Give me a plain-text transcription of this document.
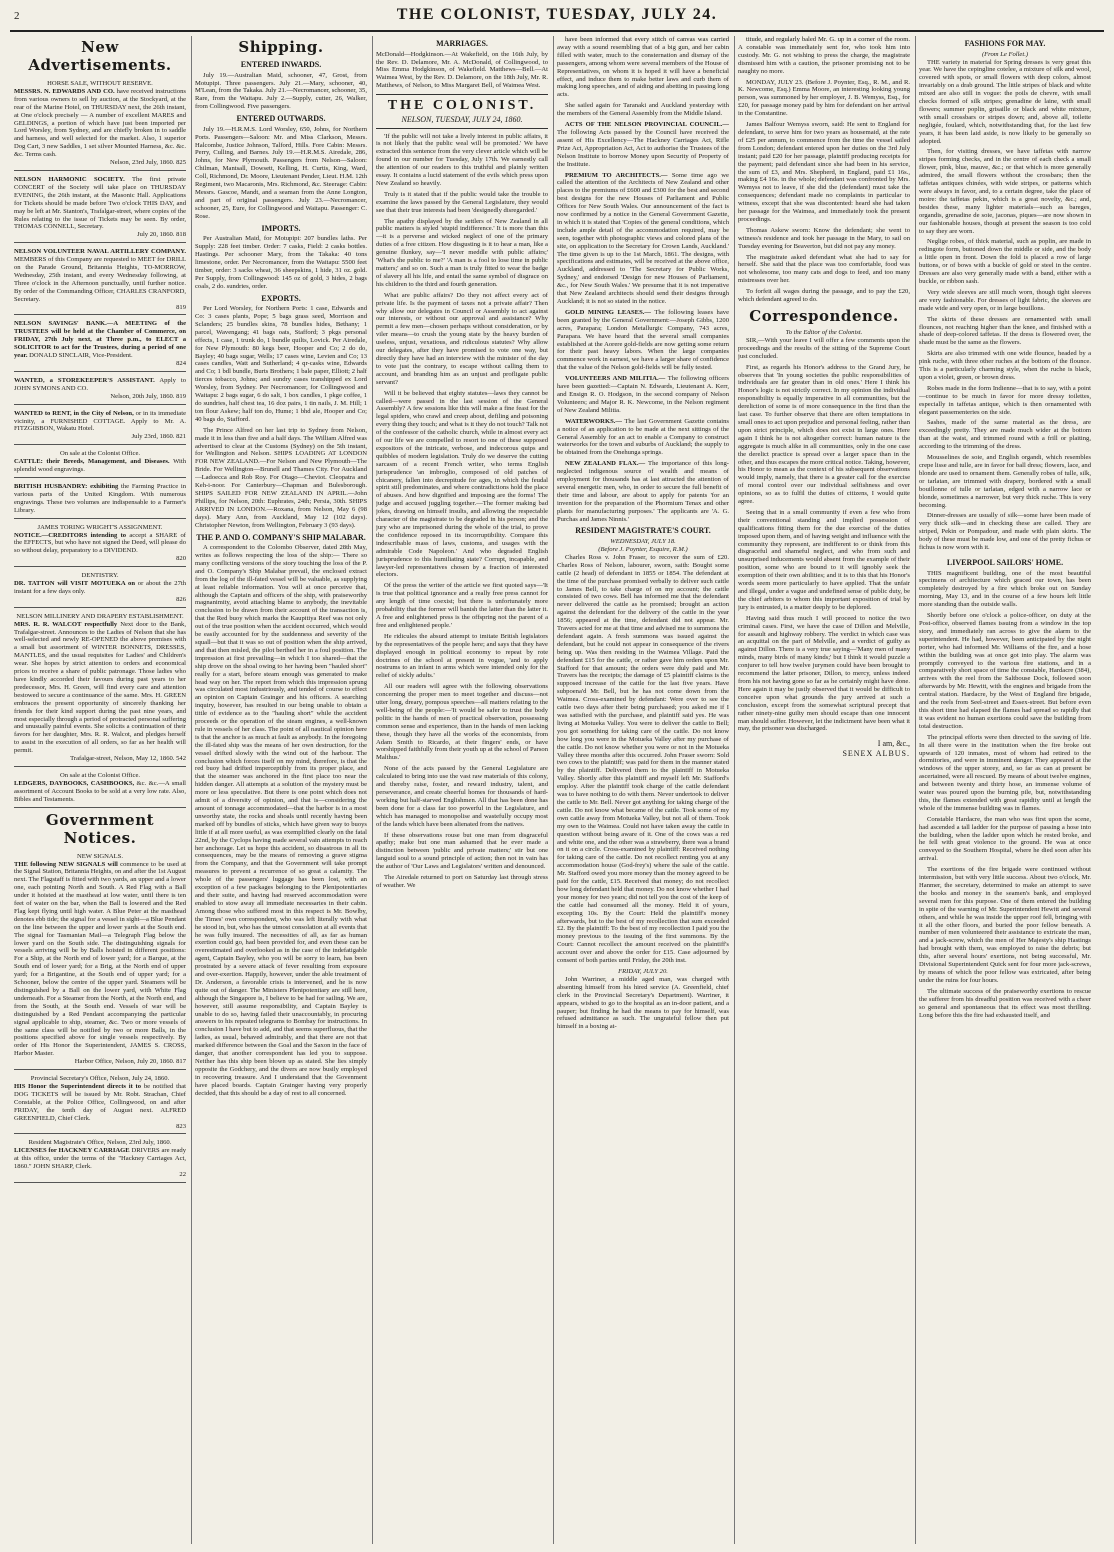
2	THE COLONIST, TUESDAY, JULY 24.
New Advertisements.
HORSE SALE, WITHOUT RESERVE.
MESSRS. N. EDWARDS AND CO. have received instructions from various owners to sell by auction, at the Stockyard, at the rear of the Marine Hotel, on THURSDAY next, the 26th instant, at One o'clock precisely — A number of excellent MARES and GELDINGS, a portion of which have just been imported per Lord Worsley, from Sydney, and are chiefly broken in to saddle and harness, and well selected for the market. Also, 1 superior Dog Cart, 3 new Saddles, 1 set silver Mounted Harness, &c. &c. &c. Terms cash.
Nelson, 23rd July, 1860. 825
NELSON HARMONIC SOCIETY. The first private CONCERT of the Society will take place on THURSDAY EVENING, the 26th instant, at the Masonic Hall. Applications for Tickets should be made before Two o'clock THIS DAY, and may be left at Mr. Stanton's, Trafalgar-street, where copies of the Rules relating to the issue of Tickets may be seen. By order, THOMAS CONNELL, Secretary.
July 20, 1860. 818
NELSON VOLUNTEER NAVAL ARTILLERY COMPANY. MEMBERS of this Company are requested to MEET for DRILL on the Parade Ground, Britannia Heights, TO-MORROW, Wednesday, 25th instant, and every Wednesday following, at Three o'clock in the Afternoon punctually, until further notice. By order of the Commanding Officer, CHARLES CRANFORD, Secretary.
819
NELSON SAVINGS' BANK.—A MEETING of the TRUSTEES will be held at the Chamber of Commerce, on FRIDAY, 27th July next, at Three p.m., to ELECT a SOLICITOR to act for the Trustees, during a period of one year. DONALD SINCLAIR, Vice-President.
824
WANTED, a STOREKEEPER'S ASSISTANT. Apply to JOHN SYMONS AND CO.
Nelson, 20th July, 1860. 819
WANTED to RENT, in the City of Nelson, or in its immediate vicinity, a FURNISHED COTTAGE. Apply to Mr. A. FITZGIBBON, Wakatu Hotel.
July 23rd, 1860. 821
On sale at the Colonist Office.
CATTLE: their Breeds, Management, and Diseases. With splendid wood engravings.
BRITISH HUSBANDRY: exhibiting the Farming Practice in various parts of the United Kingdom. With numerous engravings. These two volumes are indispensable to a Farmer's Library.
JAMES TORING WRIGHT'S ASSIGNMENT.
NOTICE.—CREDITORS intending to accept a SHARE of the EFFECTS, but who have not signed the Deed, will please do so without delay, preparatory to a DIVIDEND.
820
DENTISTRY.
DR. TATTON will VISIT MOTUEKA on or about the 27th instant for a few days only.
826
NELSON MILLINERY AND DRAPERY ESTABLISHMENT.
MRS. R. R. WALCOT respectfully Next door to the Bank, Trafalgar-street. Announces to the Ladies of Nelson that she has well-selected and newly RE-OPENED the above premises with a small but assortment of WINTER BONNETS, DRESSES, MANTLES, and the usual requisites for Ladies' and Children's wear. She hopes by strict attention to orders and economical prices to receive a share of public patronage. Those ladies who have kindly accorded their favours during past years to her predecessor, Mrs. H. Green, will find every care and attention bestowed to secure a continuance of the same. Mrs. H. GREEN embraces the present opportunity of sincerely thanking her friends for their kind support during the past nine years, and most especially through a period of protracted personal suffering and unusually painful events. She solicits a continuation of their favors for her daughter, Mrs. R. R. Walcot, and pledges herself to assist in the execution of all orders, so far as her health will permit.
Trafalgar-street, Nelson, May 12, 1860. 542
On sale at the Colonist Office.
LEDGERS, DAYBOOKS, CASHBOOKS, &c. &c.—A small assortment of Account Books to be sold at a very low rate. Also, Bibles and Testaments.
Government Notices.
NEW SIGNALS.
THE following NEW SIGNALS will commence to be used at the Signal Station, Britannia Heights, on and after the 1st August next. The Flagstaff is fitted with two yards, an upper and a lower one, each pointing North and South. A Red Flag with a Ball under it hoisted at the masthead at low water, until there is ten feet of water on the bar, when the Ball is lowered and the Red Flag kept flying until high water. A Blue Peter at the masthead denotes ebb tide; the signal for a vessel in sight—a Blue Pendant on the line between the upper and lower yards at the South end. The signal for Tasmanian Mail—a Telegraph Flag below the lower yard on the South side. The distinguishing signals for vessels arriving will be by Balls hoisted in different positions: For a Ship, at the North end of lower yard; for a Barque, at the South end of lower yard; for a Brig, at the North end of upper yard; for a Brigantine, at the South end of upper yard; for a Schooner, below the centre of the upper yard. Steamers will be distinguished by a Ball on the lower yard, with White Flag underneath. For a Steamer from the North, at the North end, and from the South, at the South end. Vessels of war will be distinguished by a Red Pendant accompanying the particular signal applicable to ship, steamer, &c. Two or more vessels of the same class will be notified by two or more Balls, in the positions specified above for single vessels respectively. By order of His Honor the Superintendent, JAMES S. CROSS, Harbor Master.
Harbor Office, Nelson, July 20, 1860. 817
Provincial Secretary's Office, Nelson, July 24, 1860.
HIS Honor the Superintendent directs it to be notified that DOG TICKETS will be issued by Mr. Robt. Strachan, Chief Constable, at the Police Office, Collingwood, on and after FRIDAY, the tenth day of August next. ALFRED GREENFIELD, Chief Clerk.
823
Resident Magistrate's Office, Nelson, 23rd July, 1860.
LICENSES for HACKNEY CARRIAGE DRIVERS are ready at this office, under the terms of the "Hackney Carriages Act, 1860." JOHN SHARP, Clerk.
22
Shipping.
ENTERED INWARDS.

July 19.—Australian Maid, schooner, 47, Grost, from Motupipi. Three passengers. July 21.—Mary, schooner, 40, M'Lean, from the Takaka. July 21.—Necromancer, schooner, 35, Rare, from the Waitapu. July 2.—Supply, cutter, 26, Walker, from Collingwood. Five passengers.

ENTERED OUTWARDS.

July 19.—H.R.M.S. Lord Worsley, 650, Johns, for Northern Ports. Passengers—Saloon: Mr. and Miss Clarkson, Messrs. Halcombe, Justice Johnson, Talford, Hills. Fore Cabin: Messrs. Perry, Culling, and Barnes. July 19.—H.R.M.S. Airedale, 286, Johns, for New Plymouth. Passengers from Nelson—Saloon: Chilman, Mantsall, Dowsett, Kelling, H. Curtis, King, Ward, Coll, Richmond, Dr. Moore, Lieutenant Pender, Lieut. H.M. 12th Regiment, two Macaronis, Mrs. Richmond, &c. Steerage: Cabin: Messrs. Gascoe, Mandt, and a seaman from the Anne Longton, and part of original passengers. July 23.—Necromancer, schooner, 25, Eure, for Collingwood and Waitapu. Passenger: C. Rose.

IMPORTS.

Per Australian Maid, for Motupipi: 207 bundles laths. Per Supply: 228 feet timber. Order: 7 casks, Field: 2 casks bottles. Hastings. Per schooner Mary, from the Takaka: 40 tons limestone, order. Per Necromancer, from the Waitapu: 5500 feet timber, order: 3 sacks wheat, 36 sheepskins, 1 hide, 31 oz. gold. Per Supply, from Collingwood: 145 oz of gold, 3 hides, 2 bags coals, 2 do. sundries, order.

EXPORTS.

Per Lord Worsley, for Northern Ports: 1 case, Edwards and Co: 3 cases plants, Pope; 5 bags grass seed, Morrison and Sclanders; 25 bundles skins, 78 bundles hides, Bethany; 1 parcel, Wavengang; 41 bags oats, Stafford; 3 pkgs personal effects, 1 case, 1 trunk do, 1 bundle quilts, Lovick. Per Airedale, for New Plymouth: 80 kegs beer, Hooper and Co; 2 do do, Bayley; 40 bags sugar, Wells; 17 cases wine, Levien and Co; 13 cases candles, Watt and Sutherland; 4 qr-casks wine, Edwards and Co; 1 bdl bundle, Burts Brothers; 1 bale paper, Elliott; 2 half tierces tobacco, Johns; and sundry cases transhipped ex Lord Worsley, from Sydney. Per Necromancer, for Collingwood and Waitapu: 2 bags sugar, 6 do salt, 1 box candles, 1 pkge coffee, 1 do sundries, half chest tea, 16 doz pairs, 1 tin nails, J. M. Hill; 1 ton flour Askew; half ton do, Hume; 1 bhd ale, Hooper and Co; 40 bags do, Stafford.

The Prince Alfred on her last trip to Sydney from Nelson, made it in less than five and a half days. The William Alfred was advertised to clear at the Customs (Sydney) on the 5th instant, for Wellington and Nelson. SHIPS LOADING AT LONDON FOR NEW ZEALAND.—For Nelson and New Plymouth—The Bride. For Wellington—Brunell and Thames City. For Auckland—Ladoecca and Rob Roy. For Otago—Cheviot. Cleopatra and Keh-i-noor. For Canterbury—Chapman and Bulesborough. SHIPS SAILED FOR NEW ZEALAND IN APRIL.—John Phillips, for Nelson, 20th: Euphrates, 24th; Persia, 30th. SHIPS ARRIVED IN LONDON.—Roxana, from Nelson, May 6 (98 days). Mary Ann, from Auckland, May 12 (102 days). Christopher Newton, from Wellington, February 3 (93 days).

THE P. AND O. COMPANY'S SHIP MALABAR.

A correspondent to the Colombo Observer, dated 28th May, writes as follows respecting the loss of the ship:— There so many conflicting versions of the story touching the loss of the P. and O. Company's Ship Malabar prevail, the enclosed extract from the log of the ill-fated vessel will be valuable, as supplying at least reliable information. You will at once perceive that, although the Captain and officers of the ship, with praiseworthy magnanimity, avoid attaching blame to anybody, the inevitable conclusion to be drawn from their account of the transaction is, that the Red buoy which marks the Kaupitiya Reef was not only out of the true position when the accident occurred, which would be easily accounted for by the suddenness and severity of the squall—but that it was so out of position when the ship arrived, and that then misled, the pilot berthed her in a foul position. The impression at first prevailing—in which I too shared—that the ship drove on the shoal owing to her having been "hauled short" really for a start, before steam enough was generated to make head way on her. The report from which this impression sprung was circulated most industriously, and tended of course to effect an opinion on Captain Grainger and his officers. A searching inquiry, however, has resulted in our being unable to obtain a tittle of evidence as to the "hauling short" while the accident proceeds or the operation of the steam engines, a well-known rule in vessels of her class. The point of all nautical opinion here is that the anchor is as much at fault as anybody. In the foregoing the ill-fated ship was the means of her own destruction, for the vessel drifted slowly with the wind out of the harbour. The conclusion which forces itself on my mind, therefore, is that the red buoy had drifted imperceptibly from its proper place, and that the steamer was anchored in the first place too near the hidden danger. All attempts at a solution of the mystery must be more or less speculative. But there is one point which does not admit of a diversity of opinion, and that is—considering the amount of tonnage accommodated—that the harbor is in a most unworthy state, the rocks and shoals until recently having been marked off by bundles of sticks, which have given way to buoys little if at all more useful, as was exemplified clearly on the fatal 22nd, by the Cyclops having made several vain attempts to reach her anchorage. Let us hope this accident, so disastrous in all its consequences, may be the means of removing a grave stigma from the Company, and that the Government will take prompt measures to prevent a recurrence of so great a calamity. The whole of the passengers' luggage has been lost, with an exception of a few packages belonging to the Plenipotentiaries and their suite, and having had reserved accommodation were enabled to stow away all immediate necessaries in their cabin. Among those who suffered most in this respect is Mr. Bowlby, the Times' own correspondent, who was left literally with what he stood in, but, who has the utmost consolation at all events that he was fully insured. The necessities of all, as far as human exertion could go, had been provided for, and even these can be overestimated and overlooked as in the case of the indefatigable agent, Captain Bayley, who you will be sorry to learn, has been prostrated by a severe attack of fever resulting from exposure and over-exertion. Happily, however, under the able treatment of Dr. Anderson, a favorable crisis is intervened, and he is now quite out of danger. The Ministers Plenipotentiary are still here, although the Singapore is, I believe to be had for sailing. We are, however, still assume responsibility, and Captain Bayley is unable to do so, having failed their unaccountably, in procuring answers to his repeated telegrams to Bombay for instructions. In conclusion I have but to add, and that seems superfluous, that the ladies, as usual, behaved admirably, and that there are not that marked difference between the Goal and the Saxon in the face of danger, that another correspondent has led you to suppose. Neither has this ship been blown up as stated. She lies simply opposite the Godchery, and the divers are now busily employed in recovering treasure. And I understand that the Govenment have placed boards. Captain Grainger having very properly decided, that this should be a day of rest to all concerned.

MARRIAGES.

McDonald—Hodgkinson.—At Wakefield, on the 16th July, by the Rev. D. Delamore, Mr. A. McDonald, of Collingwood, to Miss Emma Hodgkinson, of Wakefield. Matthews—Bell.—At Waimea West, by the Rev. D. Delamore, on the 18th July, Mr. R. Matthews, of Nelson, to Miss Margaret Bell, of Waimea West.

THE COLONIST.
NELSON, TUESDAY, JULY 24, 1860.

'If the public will not take a lively interest in public affairs, it is not likely that the public weal will be promoted.' We have extracted this sentence from the very clever article which will be found in our number for Tuesday, July 17th. We earnestly call the attention of our readers to this truthful and plainly written essay. It contains a lucid statement of the evils which press upon New Zealand so heavily.

Truly is it stated that if the public would take the trouble to examine the laws passed by the General Legislature, they would see that their true interests had been 'designedly disregarded.'

The apathy displayed by the settlers of New Zealand in all public matters is styled 'stupid indifference.' It is more than this—it is a perverse and wicked neglect of one of the primary duties of a free citizen. How disgusting is it to hear a man, like a genuine flunkey, say—'I never meddle with public affairs;' 'What's the public to me?' 'A man is a fool to lose time in public matters;' and so on. Such a man is truly fitted to wear the badge of slavery all his life, and entail the same symbol of disgrace on his children to the third and fourth generation.

What are public affairs? Do they not affect every act of private life. Is the payment of taxes not a private affair? Then why allow our delegates in Council or Assembly to act against our interests, or without our approval and assistance? Why permit a few men—chosen perhaps without consideration, or by viler means—to crush the young state by the heavy burden of useless, unjust, vexatious, and ridiculous statutes? Why allow our delegates, after they have promised to vote one way, but directly they have had an interview with the minister of the day to vote just the contrary, to escape without calling them to account, and branding him as an unjust and profligate public servant?

Will it be believed that eighty statutes—laws they cannot be called—were passed in the last session of the General Assembly? A few sessions like this will make a fine feast for the legal spiders, who crawl and creep about, defiling and poisoning every thing they touch; and what is it they do not touch? Talk not of the confessor of the catholic church, while in almost every act of our life we are compelled to resort to one of these supposed expositors of the intricate, verbose, and indecorous quips and quibbles of modern legislation. Truly do we deserve the cutting sarcasm of a recent French writer, who terms English jurisprudence 'an imbroglio, composed of old patches of chicanery, fallen into decrepitude for ages, in which the feudal spirit still predominates, and where contradictions hold the place of abuses. And how dignified and imposing are the forms! The judge and accused juggling together.—The former making bad jokes, drawing on himself insults, and allowing the respectable character of the magistrate to be degraded in his person; and the jury who are imprisoned during the whole of the trial, to prove the confidence reposed in its incorruptibility. Compare this indescribable mass of laws, customs, and usages with the admirable Code Napoleon.' And who degraded English jurisprudence to this humiliating state? Corrupt, incapable, and lawyer-led representatives chosen by a fraction of interested electors.

Of the press the writer of the article we first quoted says—'It is true that political ignorance and a really free press cannot for any length of time coexist; but there is unfortunately more probability that the former will banish the latter than the latter it. A free and enlightened press is the offspring not the parent of a free and enlightened people.'

He ridicules the absurd attempt to imitate British legislators by the representatives of the people here; and says that they have displayed enough in political economy to repeat by rote doctrines of the school at present in vogue, 'and to apply nostrums to an infant in arms which were intended only for the relief of sickly adults.'

All our readers will agree with the following observations concerning the proper men to meet together and discuss—not utter long, dreary, pompous speeches—all matters relating to the well-being of the people:—'It would be safer to trust the body politic in the hands of men of practical observation, possessing common sense and experience, than in the hands of men lacking these, though they have all the works of the economists, from Adam Smith to Ricardo, at their fingers' ends, or have worshipped faithfully from their youth up at the school of Parson Malthus.'

None of the acts passed by the General Legislature are calculated to bring into use the vast raw materials of this colony, and thereby raise, foster, and reward industry, talent, and perseverance, and create cheerful homes for thousands of hard-working but half-starved Englishmen. All that has been done has been done for a class far too powerful in the Legislature, and which has managed to monopolise and wastefully occupy most of the lands which have been alienated from the natives.

If these observations rouse but one man from disgraceful apathy; make but one man ashamed that he ever made a distinction between 'public and private matters;' stir but one languid soul to a sound principle of action; then not in vain has the author of 'Our Laws and Legislators' written and denounced.

The Airedale returned to port on Saturday last through stress of weather. We

have been informed that every stitch of canvas was carried away with a sound resembling that of a big gun, and her cabin filled with water, much to the consternation and dismay of the passengers, among whom were several members of the House of Representatives, on whom it is hoped it will have a beneficial effect, and induce them to make better laws and curb them of making long speeches, and of aiding and abetting in passing long acts.

She sailed again for Taranaki and Auckland yesterday with the members of the General Assembly from the Middle Island.

ACTS OF THE NELSON PROVINCIAL COUNCIL.— The following Acts passed by the Council have received the assent of His Excellency—The Hackney Carriages Act, Rifle Prize Act, Appropriation Act, Act to authorise the Trustees of the Nelson Institute to borrow Money upon Security of Property of the Institute.

PREMIUM TO ARCHITECTS.— Some time ago we called the attention of the Architects of New Zealand and other places to the premiums of £600 and £300 for the best and second best designs for the new Houses of Parliament and Public Offices for New South Wales. Our announcement of the fact is now confirmed by a notice in the General Government Gazette, in which it is stated that 'Copies of the general conditions, which include ample detail of the accommodation required, may be seen, together with photographic views and colored plans of the site, on application to the Secretary for Crown Lands, Auckland.' The time given is up to the 1st March, 1861. The designs, with specifications and estimates, will be received at the above office, Auckland, addressed to 'The Secretary for Public Works, Sydney,' and endorsed 'Design for new Houses of Parliament, &c., for New South Wales.' We presume that it is not imperative that New Zealand architects should send their designs through Auckland; it is not so stated in the notice.

GOLD MINING LEASES.— The following leases have been granted by the General Government:—Joseph Gibbs, 1200 acres, Parapara; London Metallurgic Company, 743 acres, Parapara. We have heard that the several small companies established at the Aorere gold-fields are now getting some return for their past heavy labors. When the large companies commence work in earnest, we have a larger share of confidence that the value of the Nelson gold-fields will be fully tested.

VOLUNTEERS AND MILITIA.— The following officers have been gazetted:—Captain N. Edwards, Lieutenant A. Kerr, and Ensign R. O. Hodgson, in the second company of Nelson Volunteers; and Major R. K. Newcome, in the Nelson regiment of New Zealand Militia.

WATERWORKS.— The last Government Gazette contains a notice of an application to be made at the next sittings of the General Assembly for an act to enable a Company to construct waterworks for the town and suburbs of Auckland; the supply to be obtained from the Onehunga springs.

NEW ZEALAND FLAX.— The importance of this long-neglected indigenous source of wealth and means of employment for thousands has at last attracted the attention of several energetic men, who, in order to secure the full benefit of their time and labour, are about to apply for patents 'for an invention for the preparation of the Phormium Tenax and other plants for manufacturing purposes.' The applicants are 'A. G. Purchas and James Ninnis.'

RESIDENT MAGISTRATE'S COURT.
WEDNESDAY, JULY 18.
(Before J. Poynter, Esquire, R.M.)

Charles Ross v. John Fraser, to recover the sum of £20. Charles Ross of Nelson, labourer, sworn, saith: Bought some cattle (2 head) of defendant in 1855 or 1854. The defendant at the time of the purchase promised verbally to deliver such cattle to James Bell, to take charge of on my account; the cattle consisted of two cows. Bell has informed me that the defendant never delivered the cattle as he promised; brought an action against the defendant for the delivery of the cattle in the year 1856; appeared at the time, defendant did not appear. Mr. Travers acted for me at that time and advised me to summons the defendant again. A fresh summons was issued against the defendant, but he could not appear in consequence of the rivers being up. Was then residing in the Waimea Village. Paid the defendant £15 for the cattle, or rather gave him orders upon Mr. Stafford for that amount; the orders were duly paid and Mr. Travers has the receipts; the damage of £5 plaintiff claims is the supposed increase of the cattle for the last five years. Have subpoena'd Mr. Bell, but he has not come down from the Waimea. Cross-examined by defendant: Were over to see the cattle two days after their being purchased; you asked me if I was satisfied with the purchase, and plaintiff said yes. He was living at Motueka Valley. You were to deliver the cattle to Bell; you got something for taking care of the cattle. Do not know how long you were in the Motueka Valley after my purchase of the cattle. Do not know whether you were or not in the Motueka Valley three months after this occurred. John Fraser sworn: Sold two cows to the plaintiff; was paid for them in the manner stated by the plaintiff. Delivered them to the plaintiff in Motueka Valley. Shortly after this plaintiff and myself left Mr. Stafford's employ. After the plaintiff took charge of the cattle defendant was to have nothing to do with them. Never undertook to deliver the cattle to Mr. Bell. Never got anything for taking charge of the cattle. Do not know what became of the cattle. Took some of my own cattle away from Motueka Valley, but not all of them. Took my own to the Waimea. Could not have taken away the cattle in question without being aware of it. One of the cows was a red and white one, and the other was a strawberry, there was a brand on it on a circle. Cross-examined by plaintiff: Received nothing for taking care of the cattle. Do not recollect renting you at any accommodation house (God-frey's) where the sale of the cattle. Mr. Stafford owed you more money than the money agreed to be paid for the cattle, £15. Received that money; do not recollect how long defendant held that money. Do not know whether I had your money for two years; did not tell you the cost of the keep of the cattle had consumed all the money. Held it of yours, excepting 10s. By the Court: Held the plaintiff's money afterwards, but to the best of my recollection that sum exceeded £2. By the plaintiff: To the best of my recollection I paid you the money previous to the issuing of the first summons. By the Court: Cannot recollect the amount received on the plaintiff's account over and above the order for £15. Case adjourned by consent of both parties until Friday, the 20th inst.

FRIDAY, JULY 20.

John Warriner, a middle aged man, was charged with absenting himself from his hired service (A. Greenfield, chief clerk in the Provincial Secretary's Department). Warriner, it appears, wished to go to the hospital as an in-door patient, and a pauper; but finding he had the means to pay for himself, was refused admittance as such. The ungrateful fellow then put himself in a boxing at-

titude, and regularly baled Mr. G. up in a corner of the room. A constable was immediately sent for, who took him into custody. Mr. G. not wishing to press the charge, the magistrate dismissed him with a caution, the prisoner promising not to be naughty no more.

MONDAY, JULY 23. (Before J. Poynter, Esq., R. M., and R. K. Newcome, Esq.) Emma Moore, an interesting looking young person, was summoned by her employer, J. B. Wemyss, Esq., for £20, for passage money paid by him for defendant on her arrival in the Constantine.

James Balfour Wemyss sworn, said: He sent to England for defendant, to serve him for two years as housemaid, at the rate of £25 per annum, to commence from the time the vessel sailed from London; defendant entered upon her duties on the 3rd July instant; paid £20 for her passage, plaintiff producing receipts for the payment; paid defendant since she had been in his service, the sum of £3, and Mrs. Shepherd, in England, paid £1 16s., making £4 16s. in the whole; defendant was confronted by Mrs. Wemyss not to leave, if she did the (defendant) must take the consequences; defendant made no complaints in particular to witness, except that she was discontented: heard she had taken her passage for the Waimea, and immediately took the present proceedings.

Thomas Askew sworn: Know the defendant; she went to witness's residence and took her passage in the Mary, to sail on Tuesday evening for Beaverton, but did not pay any money.

The magistrate asked defendant what she had to say for herself. She said that the place was too comfortable, food was not wholesome, too many cats and dogs to feed, and too many mistresses over her.

To forfeit all wages during the passage, and to pay the £20, which defendant agreed to do.

Correspondence.
To the Editor of the Colonist.

SIR,—With your leave I will offer a few comments upon the proceedings and the results of the sitting of the Supreme Court just concluded.

First, as regards his Honor's address to the Grand Jury, he observes that 'In young societies the public responsibilities of individuals are far greater than in old ones.' Here I think his Honor's logic is not strictly correct. In my opinion the individual responsibility is equally imperative in all communities, but the dereliction of some is of more consequence in the first than the last case. To further observe that there are often temptations in small ones to act upon prejudice and personal feeling, rather than upon strict principle, which does not exist in large ones. Here again I think he is not altogether correct: human nature is the aggregate is much alike in all communities, only in the one case the derelict practice is spread over a larger space than in the other, and thus escapes the more critical notice. Taking, however, his Honor to mean as the context of his subsequent observations would imply, namely, that there is a greater call for the exercise of moral control over our individual selfishness and over opinions, so as to fulfil the duties of citizens, I would quite agree.

Seeing that in a small community if even a few who from their conventional standing and implied possession of qualifications fitting them for the due exercise of the duties imposed upon them, and of having weight and influence with the community they represent, are indifferent to or think from this disgraceful and shameful neglect, and who from such and unsurprised inducements would absent from the example of their position, some who are bound to it will ignobly seek the exemption of their own abilities; and it is to this that his Honor's words seem more particularly to have applied. That the unfair and illegal, under a vague and undefined sense of public duty, be the chief arbiters to whom this important exposition of trial by jury is entrusted, is a matter deeply to be deplored.

Having said thus much I will proceed to notice the two criminal cases. First, we have the case of Dillon and Melville, for assault and highway robbery. The verdict in which case was an acquittal on the part of Melville, and a verdict of guilty as against Dillon. There is a very true saying—'Many men of many minds, many birds of many kinds;' but I think it would puzzle a conjurer to tell how twelve jurymen could have been brought to recommend the latter prisoner, Dillon, to mercy, unless indeed from his not having gone so far as he certainly might have done. Here again it may be justly observed that it would be difficult to conceive upon what grounds the jury arrived at such a conclusion, except from the somewhat scriptural precept that rather ninety-nine guilty men should escape than one innocent man should suffer. However, let the indictment have been what it may, the prisoner was discharged.

I am, &c.,
SENEX ALBUS.
FASHIONS FOR MAY.
(From Le Follet.)

THE variety in material for Spring dresses is very great this year. We have the cepingline cotelee, a mixture of silk and wool, covered with spots, or small flowers with deep colors, almost invariably on a drab ground. The little stripes of black and white mixed are also still in vogue: the poils de chevre, with small checks formed of silk stripes; grenadine de laine, with small flowers; summer poplin, grisaille or black and white mixture, with small crossbars or stripes down; and, above all, toilette negligée, foulard, which, notwithstanding that, for the last few years, it has been laid aside, is now likely to be generally so adopted.

Then, for visiting dresses, we have taffetas with narrow stripes forming checks, and in the centre of each check a small flower, pink, blue, mauve, &c.; or that which is more generally admired, the small flowers without the crossbars; then the taffetas antiques chinées, with wide stripes, or patterns which were always in favor, and, to a certain degree, take the place of moire: the taffetas pekin, which is a great novelty, &c.; and, besides these, many lighter materials—such as bareges, organdis, grenadine de soie, jaconas, piques—are now shown in our fashionable houses, though at present the season is too cold to say they are worn.

Neglige robes, of thick material, such as poplin, are made in redingote form, buttoned down the middle or side, and the body a little open in front. Down the fold is placed a row of large buttons, or of bows with a buckle of gold or steel in the centre. Dresses are also very generally made with a band, either with a buckle, or ribbon sash.

Very wide sleeves are still much worn, though tight sleeves are very fashionable. For dresses of light fabric, the sleeves are made wide and very open, or in large bouillons.

The skirts of these dresses are ornamented with small flounces, not reaching higher than the knee, and finished with a shade of deep-colored taffetas. If the dress is flowered over, the shade must be the same as the flowers.

Skirts are also trimmed with one wide flounce, headed by a pink ruche, with three other ruches at the bottom of the flounce. This is a particularly charming style, when the ruche is black, upon a violet, green, or brown dress.

Robes made in the form Indienne—that is to say, with a point—continue to be much in favor for more dressy toilettes, especially in taffetas antique, which is then ornamented with elegant passementeries on the side.

Sashes, made of the same material as the dress, are exceedingly pretty. They are made much wider at the bottom than at the waist, and trimmed round with a frill or plaiting, according to the trimming of the dress.

Mousselines de soie, and English organdi, which resembles crepe lisse and tulle, are in favor for ball dress; flowers, lace, and blonde are used to ornament them. Generally robes of tulle, silk, or tarlatan, are trimmed with drapery, bordered with a small bouillonne of tulle or tarlatan, edged with a narrow lace or blonde, sometimes a narrower, but very thick ruche. This is very becoming.

Dinner-dresses are usually of silk—some have been made of very thick silk—and in checking these are called. They are striped, Pekin or Pompadour, and made with plain skirts. The body of these must be made low, and one of the pretty fichus or fichus is now worn with it.

LIVERPOOL SAILORS' HOME.

THIS magnificent building, one of the most beautiful specimens of architecture which graced our town, has been completely destroyed by a fire which broke out on Sunday morning, May 13, and in the course of a few hours left little more standing than the outside walls.

Shortly before one o'clock a police-officer, on duty at the Post-office, observed flames issuing from a window in the top story, and immediately ran across to give the alarm to the superintendent. He had, however, been anticipated by the night porter, who had informed Mr. Williams of the fire, and a hose within the building was at once got into play. The alarm was promptly conveyed to the various fire stations, and in a comparatively short space of time the constable, Hardacre (384), arrives with the reel from the Saltbouse Dock, followed soon afterwards by Mr. Hewitt, with the engines and brigade from the central station. Hardacre, by the West of England fire brigade, and the reels from Seel-street and Essex-street. But before even this short time had elapsed the flames had spread so rapidly that it was evident no human exertions could save the building from total destruction.

The principal efforts were then directed to the saving of life. In all there were in the institution when the fire broke out upwards of 120 inmates, most of whom had retired to the dormitories, and were in imminent danger. They appeared at the windows of the upper storey, and, so far as can at present be ascertained, were all rescued. By means of about twelve engines, and between twenty and thirty hose, an immense volume of water was poured upon the burning pile, but, notwithstanding this, the flames extended with great rapidity until at length the whole of the immense building was in flames.

Constable Hardacre, the man who was first upon the scene, had ascended a tall ladder for the purpose of passing a hose into the building, when the ladder upon which he rested broke, and he fell with great violence to the ground. He was at once conveyed to the Southern Hospital, where he died soon after his arrival.

The exertions of the fire brigade were continued without intermission, but with very little success. About two o'clock, Mr. Hanmer, the secretary, determined to make an attempt to save the books and money in the seamen's bank, and employed several men for this purpose. One of them entered the building in spite of the warning of Mr. Superintendent Hewitt and several others, and while he was inside the upper roof fell, bringing with it all the other floors, and buried the poor fellow beneath. A number of men volunteered their assistance to extricate the man, and a jack-screw, which the men of Her Majesty's ship Hastings had brought with them, was employed to raise the debris; but this, after several hours' exertions, not being successful, Mr. Divisional Superintendent Quick sent for four more jack-screws, by means of which the poor fellow was extricated, after being under the ruins for four hours.

The ultimate success of the praiseworthy exertions to rescue the sufferer from his dreadful position was received with a cheer so general and spontaneous that its effect was most thrilling. Long before this the fire had exhausted itself, and
